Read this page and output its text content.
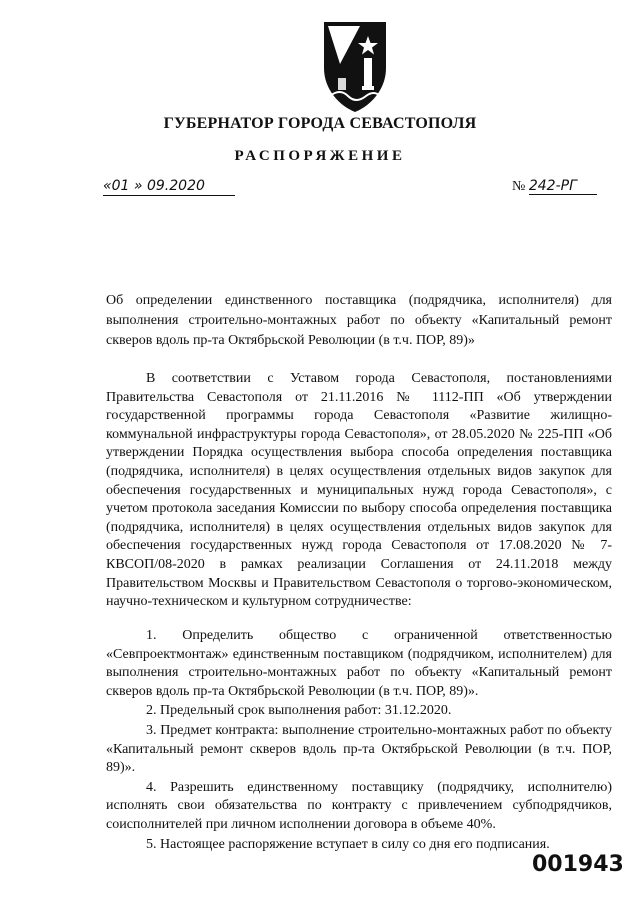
ГУБЕРНАТОР ГОРОДА СЕВАСТОПОЛЯ
РАСПОРЯЖЕНИЕ
«01 » 09.2020	№ 242-РГ
Об определении единственного поставщика (подрядчика, исполнителя) для выполнения строительно-монтажных работ по объекту «Капитальный ремонт скверов вдоль пр-та Октябрьской Революции (в т.ч. ПОР, 89)»
В соответствии с Уставом города Севастополя, постановлениями Правительства Севастополя от 21.11.2016 № 1112-ПП «Об утверждении государственной программы города Севастополя «Развитие жилищно-коммунальной инфраструктуры города Севастополя», от 28.05.2020 № 225-ПП «Об утверждении Порядка осуществления выбора способа определения поставщика (подрядчика, исполнителя) в целях осуществления отдельных видов закупок для обеспечения государственных и муниципальных нужд города Севастополя», с учетом протокола заседания Комиссии по выбору способа определения поставщика (подрядчика, исполнителя) в целях осуществления отдельных видов закупок для обеспечения государственных нужд города Севастополя от 17.08.2020 № 7-КВСОП/08-2020 в рамках реализации Соглашения от 24.11.2018 между Правительством Москвы и Правительством Севастополя о торгово-экономическом, научно-техническом и культурном сотрудничестве:

1. Определить общество с ограниченной ответственностью «Севпроектмонтаж» единственным поставщиком (подрядчиком, исполнителем) для выполнения строительно-монтажных работ по объекту «Капитальный ремонт скверов вдоль пр-та Октябрьской Революции (в т.ч. ПОР, 89)».

2. Предельный срок выполнения работ: 31.12.2020.

3. Предмет контракта: выполнение строительно-монтажных работ по объекту «Капитальный ремонт скверов вдоль пр-та Октябрьской Революции (в т.ч. ПОР, 89)».

4. Разрешить единственному поставщику (подрядчику, исполнителю) исполнять свои обязательства по контракту с привлечением субподрядчиков, соисполнителей при личном исполнении договора в объеме 40%.

5. Настоящее распоряжение вступает в силу со дня его подписания.

001943
